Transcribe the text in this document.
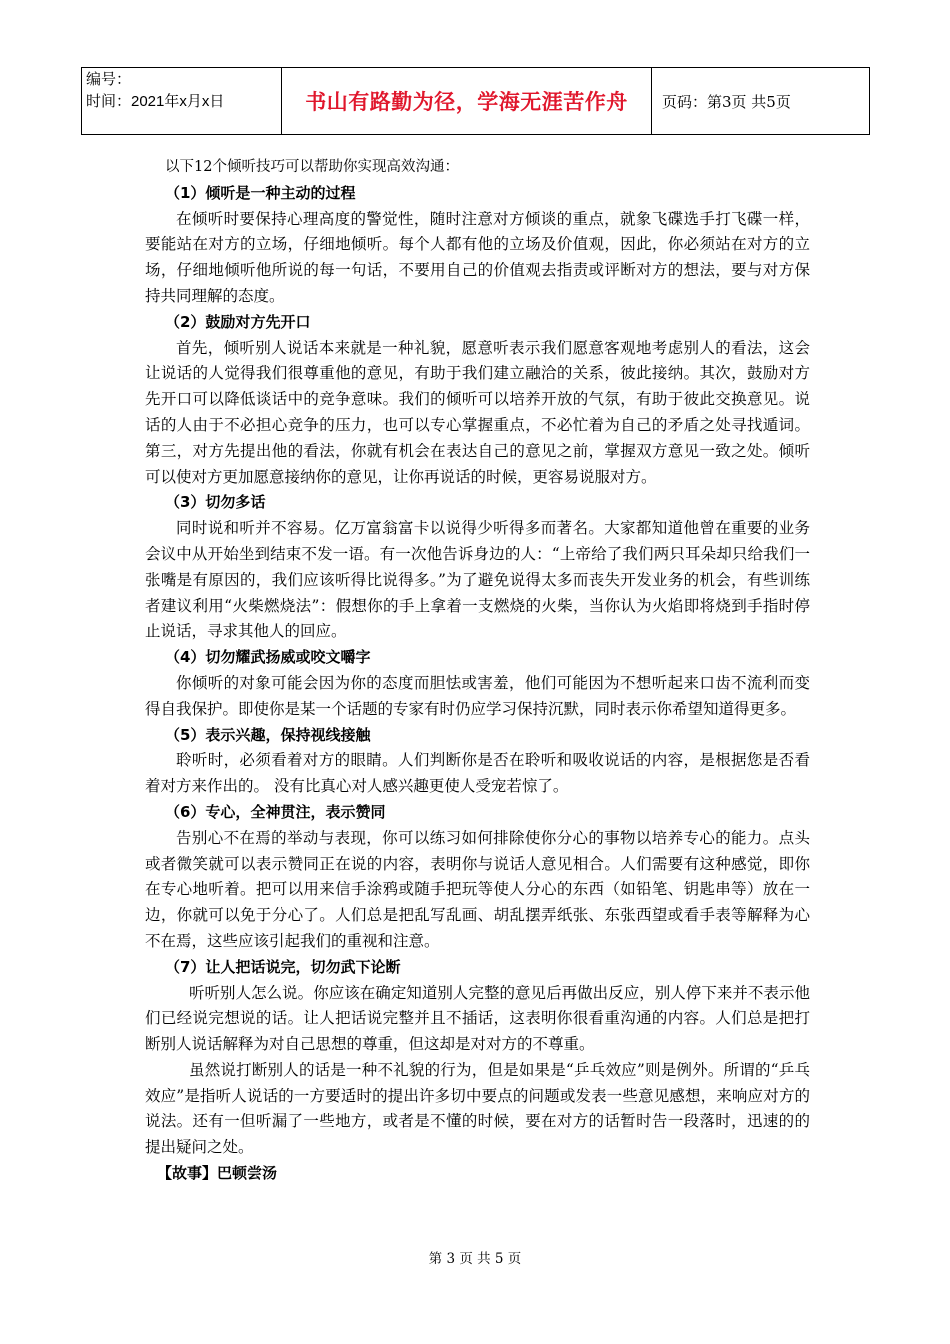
编号：
时间：2021年x月x日	书山有路勤为径，学海无涯苦作舟	页码：第3页 共5页

以下12个倾听技巧可以帮助你实现高效沟通：

（1）倾听是一种主动的过程

在倾听时要保持心理高度的警觉性，随时注意对方倾谈的重点，就象飞碟选手打飞碟一样，要能站在对方的立场，仔细地倾听。每个人都有他的立场及价值观，因此，你必须站在对方的立场，仔细地倾听他所说的每一句话，不要用自己的价值观去指责或评断对方的想法，要与对方保持共同理解的态度。

（2）鼓励对方先开口

首先，倾听别人说话本来就是一种礼貌，愿意听表示我们愿意客观地考虑别人的看法，这会让说话的人觉得我们很尊重他的意见，有助于我们建立融洽的关系，彼此接纳。其次，鼓励对方先开口可以降低谈话中的竞争意味。我们的倾听可以培养开放的气氛，有助于彼此交换意见。说话的人由于不必担心竞争的压力，也可以专心掌握重点，不必忙着为自己的矛盾之处寻找遁词。第三，对方先提出他的看法，你就有机会在表达自己的意见之前，掌握双方意见一致之处。倾听可以使对方更加愿意接纳你的意见，让你再说话的时候，更容易说服对方。

（3）切勿多话

同时说和听并不容易。亿万富翁富卡以说得少听得多而著名。大家都知道他曾在重要的业务会议中从开始坐到结束不发一语。有一次他告诉身边的人：“上帝给了我们两只耳朵却只给我们一张嘴是有原因的，我们应该听得比说得多。”为了避免说得太多而丧失开发业务的机会，有些训练者建议利用“火柴燃烧法”：假想你的手上拿着一支燃烧的火柴，当你认为火焰即将烧到手指时停止说话，寻求其他人的回应。

（4）切勿耀武扬威或咬文嚼字

你倾听的对象可能会因为你的态度而胆怯或害羞，他们可能因为不想听起来口齿不流利而变得自我保护。即使你是某一个话题的专家有时仍应学习保持沉默，同时表示你希望知道得更多。

（5）表示兴趣，保持视线接触

聆听时，必须看着对方的眼睛。人们判断你是否在聆听和吸收说话的内容，是根据您是否看着对方来作出的。 没有比真心对人感兴趣更使人受宠若惊了。

（6）专心，全神贯注，表示赞同

告别心不在焉的举动与表现，你可以练习如何排除使你分心的事物以培养专心的能力。点头或者微笑就可以表示赞同正在说的内容，表明你与说话人意见相合。人们需要有这种感觉，即你在专心地听着。把可以用来信手涂鸦或随手把玩等使人分心的东西（如铅笔、钥匙串等）放在一边，你就可以免于分心了。人们总是把乱写乱画、胡乱摆弄纸张、东张西望或看手表等解释为心不在焉，这些应该引起我们的重视和注意。

（7）让人把话说完，切勿武下论断

听听别人怎么说。你应该在确定知道别人完整的意见后再做出反应，别人停下来并不表示他们已经说完想说的话。让人把话说完整并且不插话，这表明你很看重沟通的内容。人们总是把打断别人说话解释为对自己思想的尊重，但这却是对对方的不尊重。

虽然说打断别人的话是一种不礼貌的行为，但是如果是“乒乓效应”则是例外。所谓的“乒乓效应”是指听人说话的一方要适时的提出许多切中要点的问题或发表一些意见感想，来响应对方的说法。还有一但听漏了一些地方，或者是不懂的时候，要在对方的话暂时告一段落时，迅速的的提出疑问之处。

【故事】巴顿尝汤

第 3 页 共 5 页
